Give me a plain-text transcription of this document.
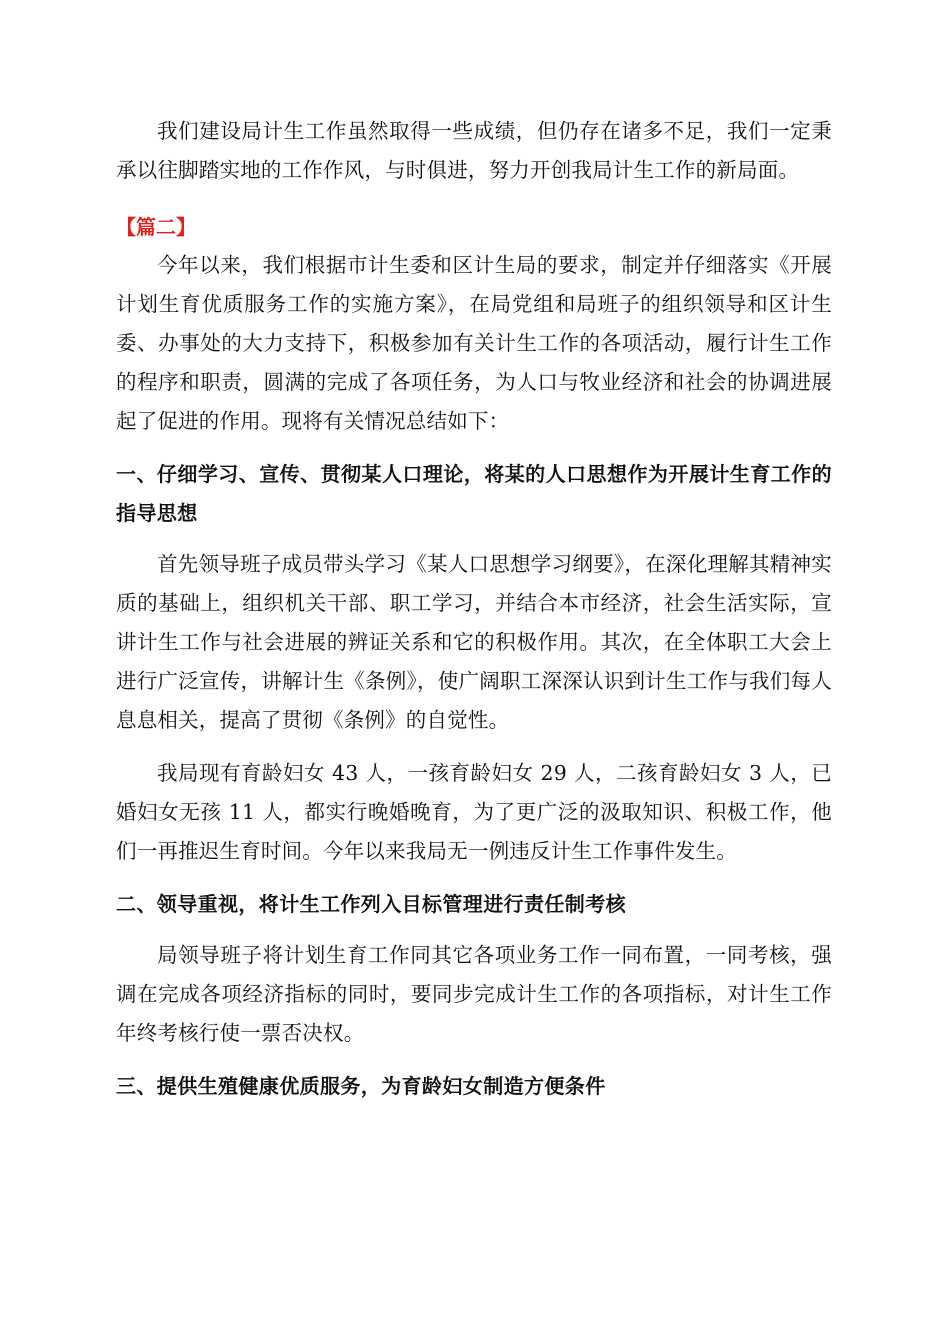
我们建设局计生工作虽然取得一些成绩，但仍存在诸多不足，我们一定秉承以往脚踏实地的工作作风，与时俱进，努力开创我局计生工作的新局面。

【篇二】

今年以来，我们根据市计生委和区计生局的要求，制定并仔细落实《开展计划生育优质服务工作的实施方案》，在局党组和局班子的组织领导和区计生委、办事处的大力支持下，积极参加有关计生工作的各项活动，履行计生工作的程序和职责，圆满的完成了各项任务，为人口与牧业经济和社会的协调进展起了促进的作用。现将有关情况总结如下：

一、仔细学习、宣传、贯彻某人口理论，将某的人口思想作为开展计生育工作的指导思想

首先领导班子成员带头学习《某人口思想学习纲要》，在深化理解其精神实质的基础上，组织机关干部、职工学习，并结合本市经济，社会生活实际，宣讲计生工作与社会进展的辨证关系和它的积极作用。其次，在全体职工大会上进行广泛宣传，讲解计生《条例》，使广阔职工深深认识到计生工作与我们每人息息相关，提高了贯彻《条例》的自觉性。

我局现有育龄妇女 43 人，一孩育龄妇女 29 人，二孩育龄妇女 3 人，已婚妇女无孩 11 人，都实行晚婚晚育，为了更广泛的汲取知识、积极工作，他们一再推迟生育时间。今年以来我局无一例违反计生工作事件发生。

二、领导重视，将计生工作列入目标管理进行责任制考核

局领导班子将计划生育工作同其它各项业务工作一同布置，一同考核，强调在完成各项经济指标的同时，要同步完成计生工作的各项指标，对计生工作年终考核行使一票否决权。

三、提供生殖健康优质服务，为育龄妇女制造方便条件
